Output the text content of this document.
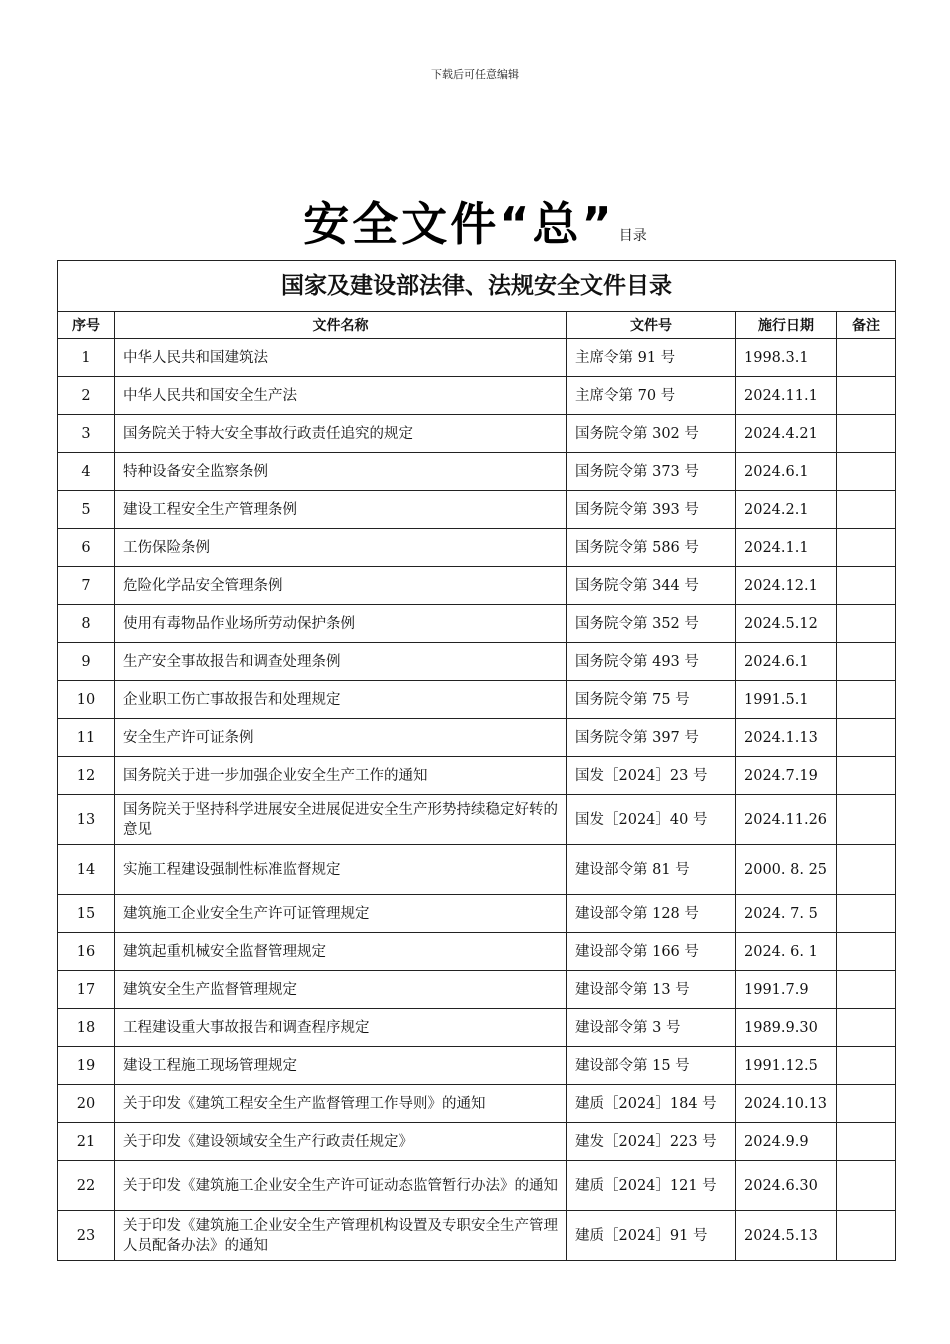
下载后可任意编辑
安全文件“总” 目录
国家及建设部法律、法规安全文件目录				
序号	文件名称	文件号	施行日期	备注
1	中华人民共和国建筑法	主席令第 91 号	1998.3.1	
2	中华人民共和国安全生产法	主席令第 70 号	2024.11.1	
3	国务院关于特大安全事故行政责任追究的规定	国务院令第 302 号	2024.4.21	
4	特种设备安全监察条例	国务院令第 373 号	2024.6.1	
5	建设工程安全生产管理条例	国务院令第 393 号	2024.2.1	
6	工伤保险条例	国务院令第 586 号	2024.1.1	
7	危险化学品安全管理条例	国务院令第 344 号	2024.12.1	
8	使用有毒物品作业场所劳动保护条例	国务院令第 352 号	2024.5.12	
9	生产安全事故报告和调查处理条例	国务院令第 493 号	2024.6.1	
10	企业职工伤亡事故报告和处理规定	国务院令第 75 号	1991.5.1	
11	安全生产许可证条例	国务院令第 397 号	2024.1.13	
12	国务院关于进一步加强企业安全生产工作的通知	国发［2024］23 号	2024.7.19	
13	国务院关于坚持科学进展安全进展促进安全生产形势持续稳定好转的意见	国发［2024］40 号	2024.11.26	
14	实施工程建设强制性标准监督规定	建设部令第 81 号	2000. 8. 25	
15	建筑施工企业安全生产许可证管理规定	建设部令第 128 号	2024. 7. 5	
16	建筑起重机械安全监督管理规定	建设部令第 166 号	2024. 6. 1	
17	建筑安全生产监督管理规定	建设部令第 13 号	1991.7.9	
18	工程建设重大事故报告和调查程序规定	建设部令第 3 号	1989.9.30	
19	建设工程施工现场管理规定	建设部令第 15 号	1991.12.5	
20	关于印发《建筑工程安全生产监督管理工作导则》的通知	建质［2024］184 号	2024.10.13	
21	关于印发《建设领域安全生产行政责任规定》	建发［2024］223 号	2024.9.9	
22	关于印发《建筑施工企业安全生产许可证动态监管暂行办法》的通知	建质［2024］121 号	2024.6.30	
23	关于印发《建筑施工企业安全生产管理机构设置及专职安全生产管理人员配备办法》的通知	建质［2024］91 号	2024.5.13	
